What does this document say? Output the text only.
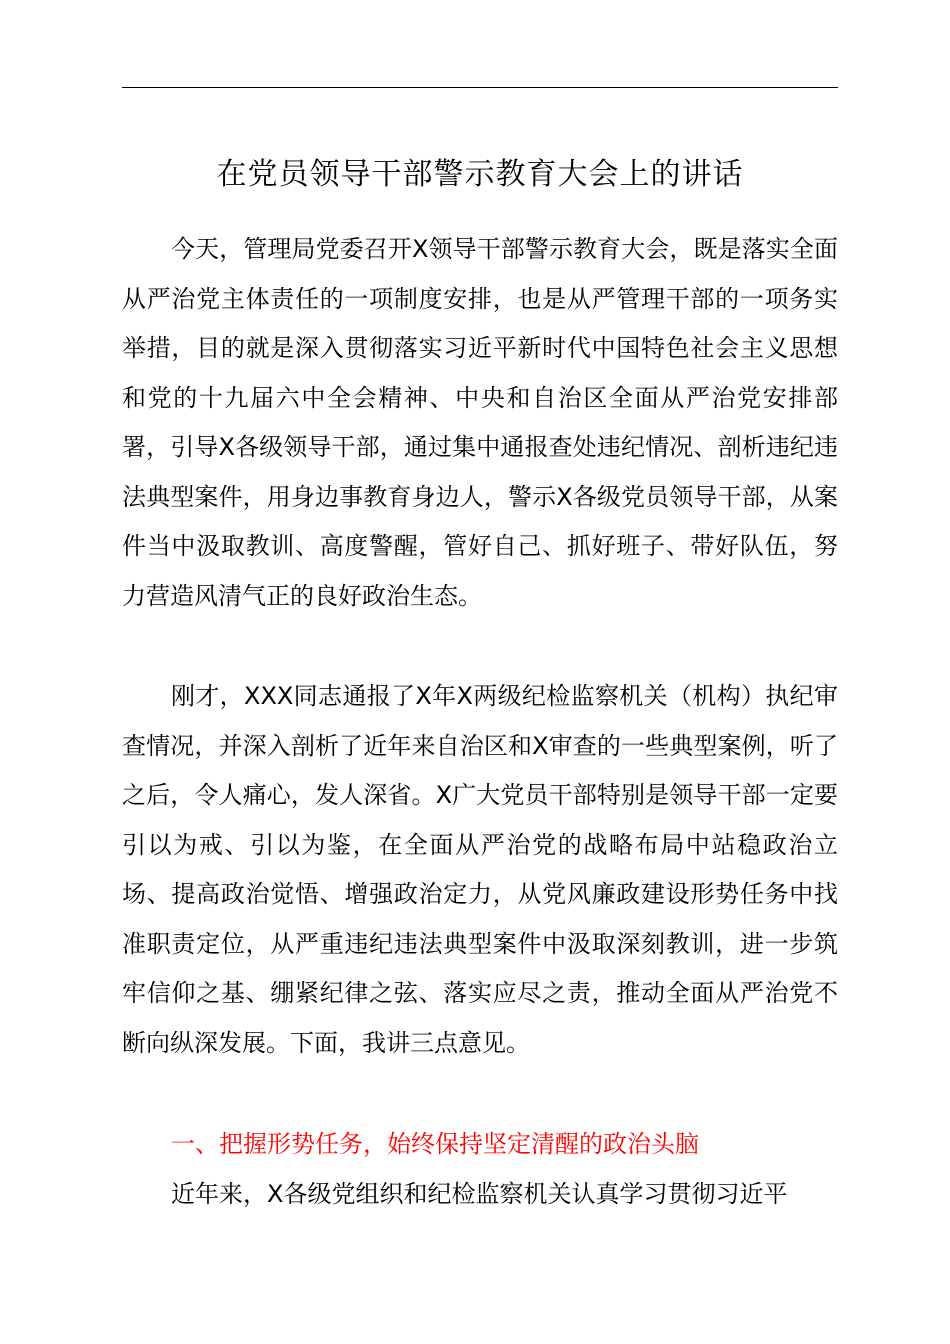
在党员领导干部警示教育大会上的讲话

今天，管理局党委召开X领导干部警示教育大会，既是落实全面从严治党主体责任的一项制度安排，也是从严管理干部的一项务实举措，目的就是深入贯彻落实习近平新时代中国特色社会主义思想和党的十九届六中全会精神、中央和自治区全面从严治党安排部署，引导X各级领导干部，通过集中通报查处违纪情况、剖析违纪违法典型案件，用身边事教育身边人，警示X各级党员领导干部，从案件当中汲取教训、高度警醒，管好自己、抓好班子、带好队伍，努力营造风清气正的良好政治生态。

刚才，XXX同志通报了X年X两级纪检监察机关（机构）执纪审查情况，并深入剖析了近年来自治区和X审查的一些典型案例，听了之后，令人痛心，发人深省。X广大党员干部特别是领导干部一定要引以为戒、引以为鉴，在全面从严治党的战略布局中站稳政治立场、提高政治觉悟、增强政治定力，从党风廉政建设形势任务中找准职责定位，从严重违纪违法典型案件中汲取深刻教训，进一步筑牢信仰之基、绷紧纪律之弦、落实应尽之责，推动全面从严治党不断向纵深发展。下面，我讲三点意见。

一、把握形势任务，始终保持坚定清醒的政治头脑

近年来，X各级党组织和纪检监察机关认真学习贯彻习近平
